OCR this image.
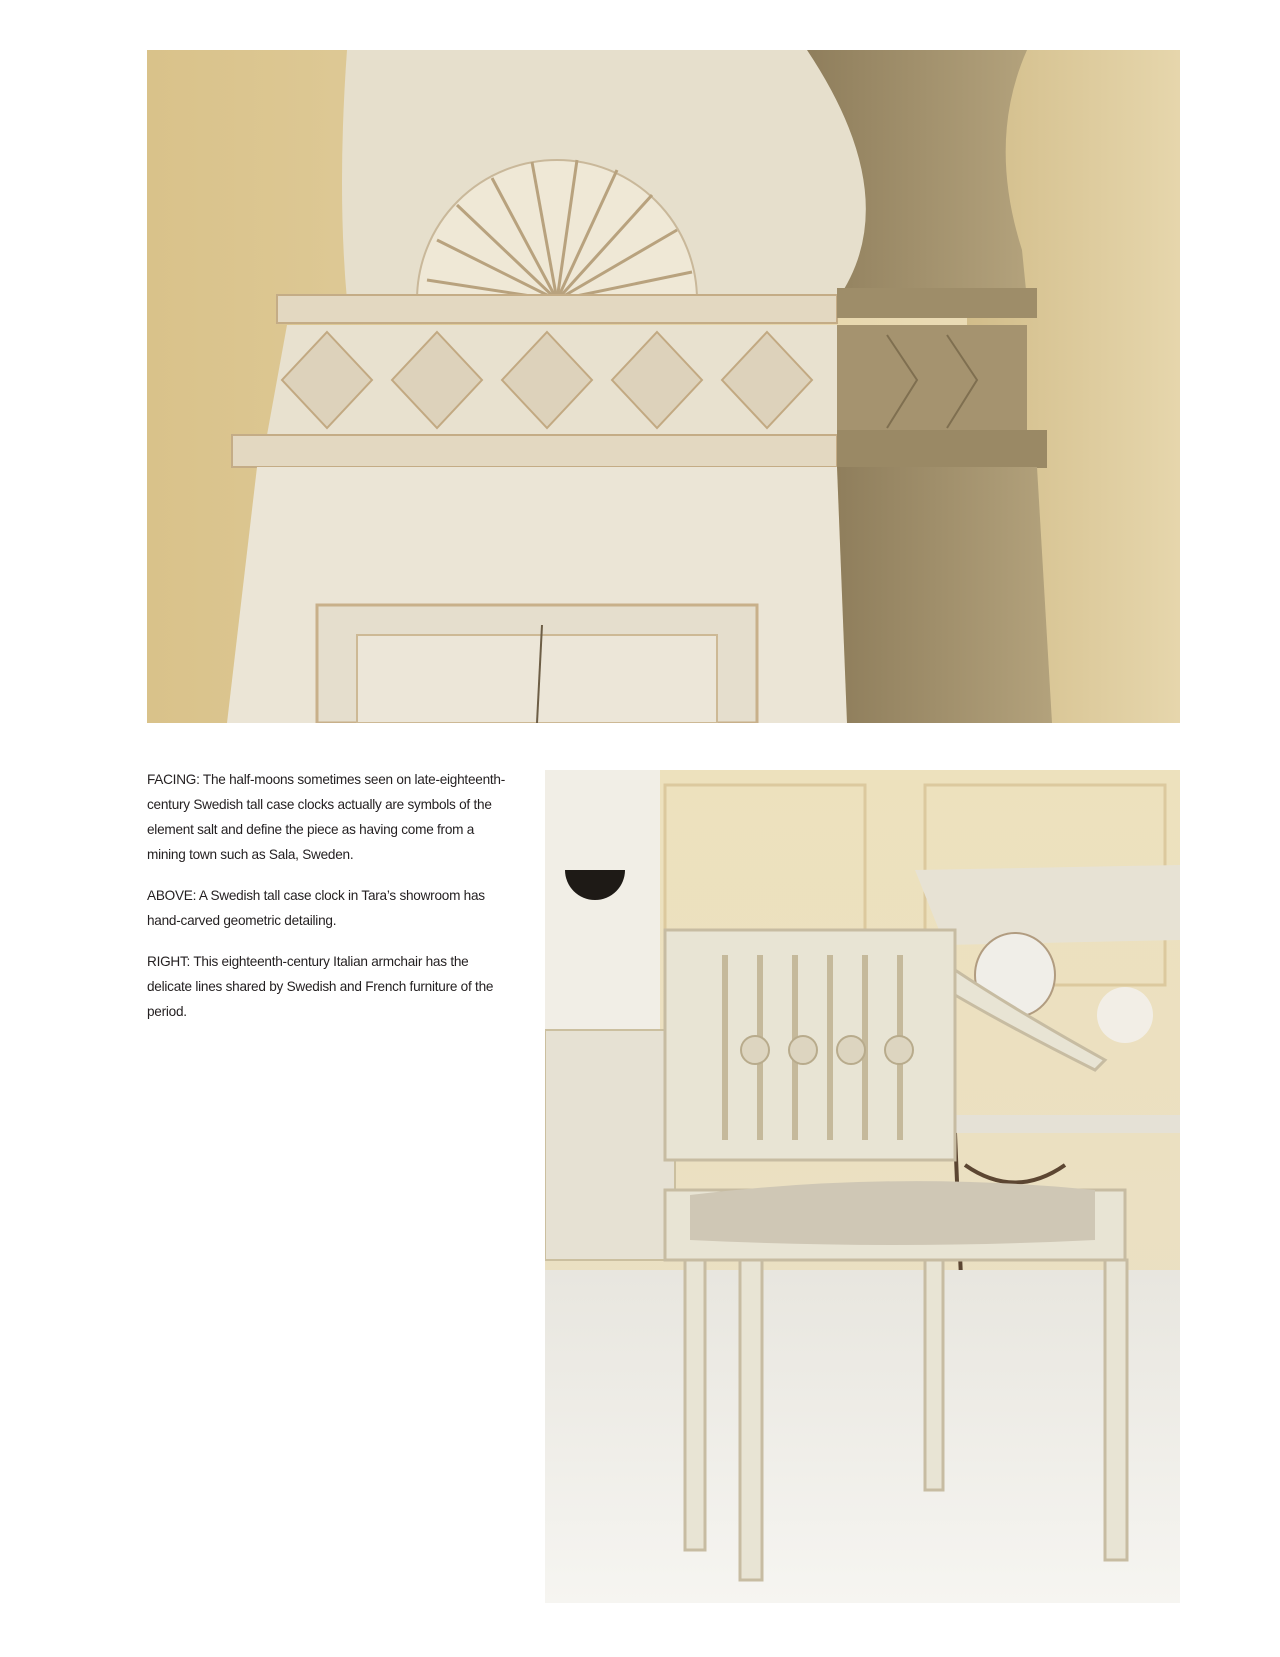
FACING: The half-moons sometimes seen on late-eighteenth-century Swedish tall case clocks actually are symbols of the element salt and define the piece as having come from a mining town such as Sala, Sweden.

ABOVE: A Swedish tall case clock in Tara’s showroom has hand-carved geometric detailing.

RIGHT: This eighteenth-century Italian armchair has the delicate lines shared by Swedish and French furniture of the period.
